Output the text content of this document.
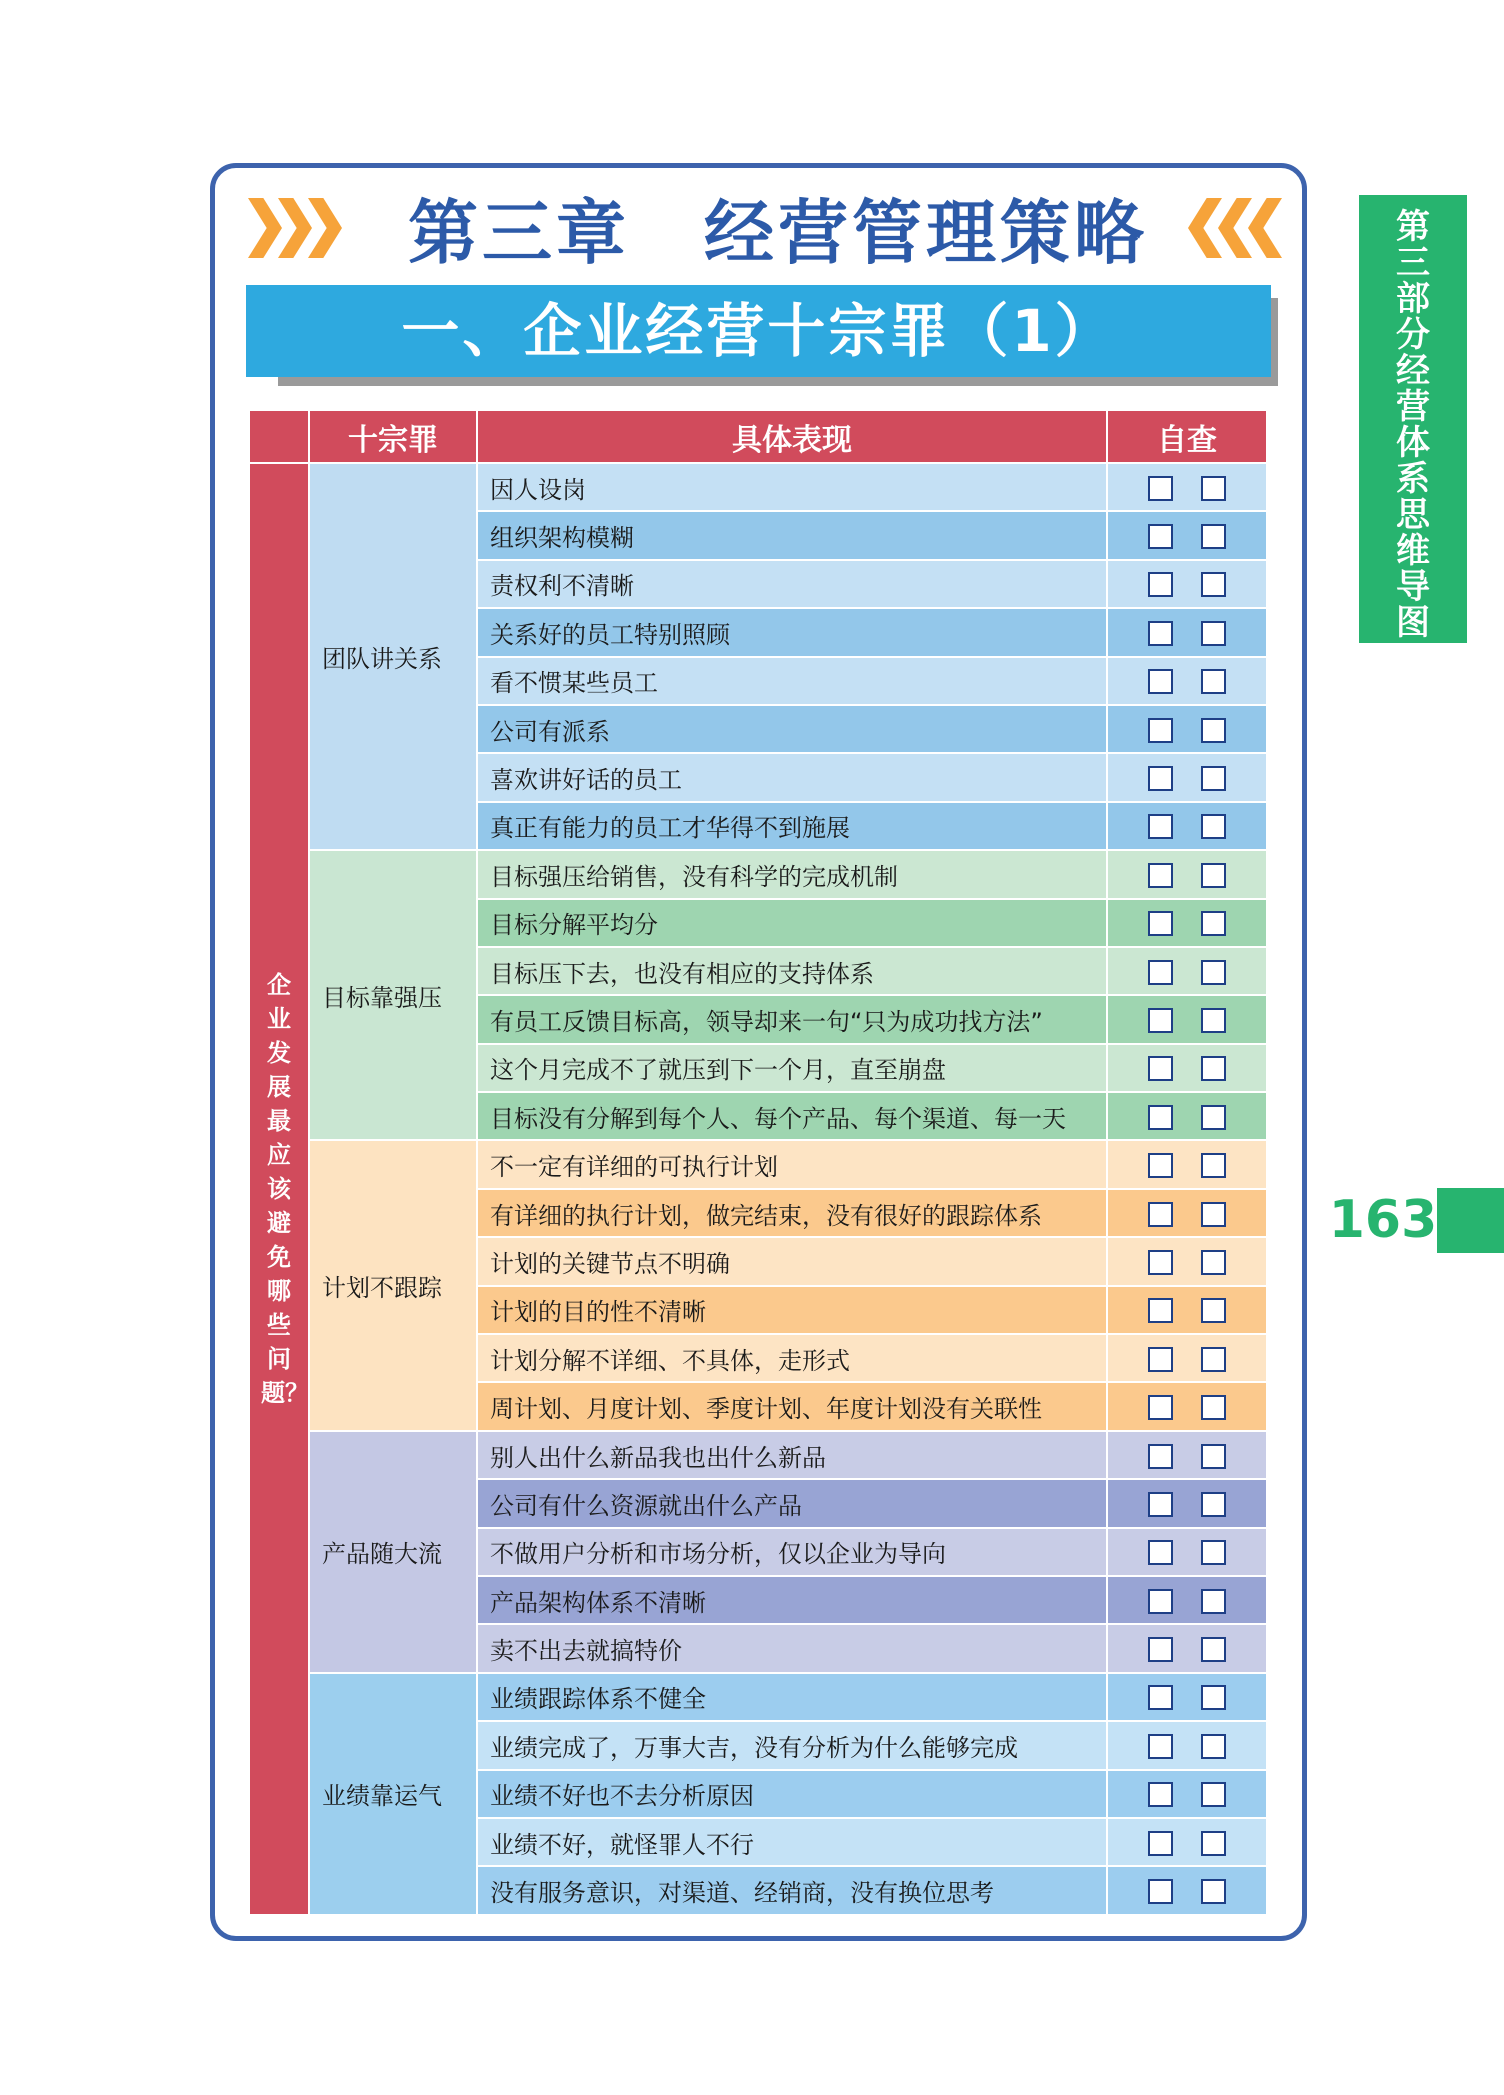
第三章　经营管理策略
一、企业经营十宗罪（1）
	十宗罪	具体表现	自查
企业发展最应该避免哪些问题？	团队讲关系	因人设岗	
		组织架构模糊	
		责权利不清晰	
		关系好的员工特别照顾	
		看不惯某些员工	
		公司有派系	
		喜欢讲好话的员工	
		真正有能力的员工才华得不到施展	
	目标靠强压	目标强压给销售，没有科学的完成机制	
		目标分解平均分	
		目标压下去，也没有相应的支持体系	
		有员工反馈目标高，领导却来一句“只为成功找方法”	
		这个月完成不了就压到下一个月，直至崩盘	
		目标没有分解到每个人、每个产品、每个渠道、每一天	
	计划不跟踪	不一定有详细的可执行计划	
		有详细的执行计划，做完结束，没有很好的跟踪体系	
		计划的关键节点不明确	
		计划的目的性不清晰	
		计划分解不详细、不具体，走形式	
		周计划、月度计划、季度计划、年度计划没有关联性	
	产品随大流	别人出什么新品我也出什么新品	
		公司有什么资源就出什么产品	
		不做用户分析和市场分析，仅以企业为导向	
		产品架构体系不清晰	
		卖不出去就搞特价	
	业绩靠运气	业绩跟踪体系不健全	
		业绩完成了，万事大吉，没有分析为什么能够完成	
		业绩不好也不去分析原因	
		业绩不好，就怪罪人不行	
		没有服务意识，对渠道、经销商，没有换位思考	
第三部分　经营体系思维导图
163
